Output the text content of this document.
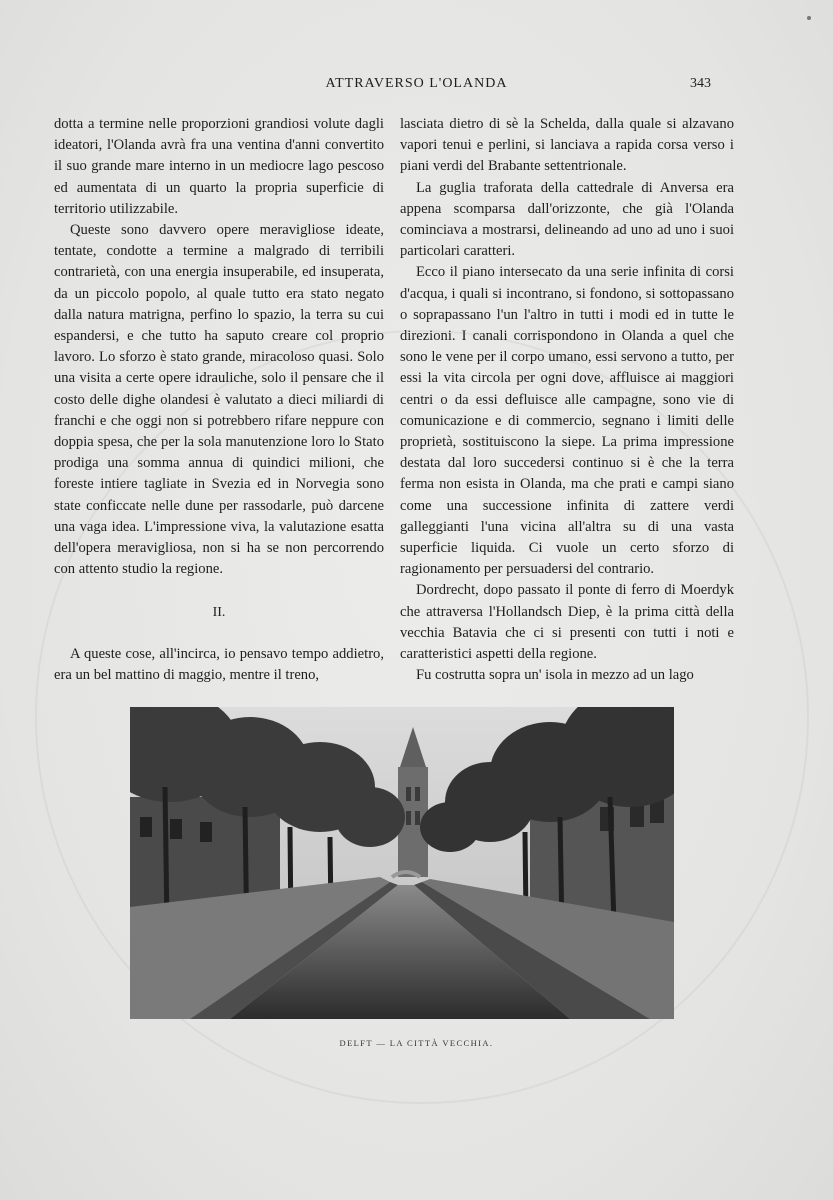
ATTRAVERSO L'OLANDA	343

dotta a termine nelle proporzioni grandiosi volute dagli ideatori, l'Olanda avrà fra una ventina d'anni convertito il suo grande mare interno in un mediocre lago pescoso ed aumentata di un quarto la propria superficie di territorio utilizzabile.

Queste sono davvero opere meravigliose ideate, tentate, condotte a termine a malgrado di terribili contrarietà, con una energia insuperabile, ed insuperata, da un piccolo popolo, al quale tutto era stato negato dalla natura matrigna, perfino lo spazio, la terra su cui espandersi, e che tutto ha saputo creare col proprio lavoro. Lo sforzo è stato grande, miracoloso quasi. Solo una visita a certe opere idrauliche, solo il pensare che il costo delle dighe olandesi è valutato a dieci miliardi di franchi e che oggi non si potrebbero rifare neppure con doppia spesa, che per la sola manutenzione loro lo Stato prodiga una somma annua di quindici milioni, che foreste intiere tagliate in Svezia ed in Norvegia sono state conficcate nelle dune per rassodarle, può darcene una vaga idea. L'impressione viva, la valutazione esatta dell'opera meravigliosa, non si ha se non percorrendo con attento studio la regione.

II.

A queste cose, all'incirca, io pensavo tempo addietro, era un bel mattino di maggio, mentre il treno,

lasciata dietro di sè la Schelda, dalla quale si alzavano vapori tenui e perlini, si lanciava a rapida corsa verso i piani verdi del Brabante settentrionale.

La guglia traforata della cattedrale di Anversa era appena scomparsa dall'orizzonte, che già l'Olanda cominciava a mostrarsi, delineando ad uno ad uno i suoi particolari caratteri.

Ecco il piano intersecato da una serie infinita di corsi d'acqua, i quali si incontrano, si fondono, si sottopassano o soprapassano l'un l'altro in tutti i modi ed in tutte le direzioni. I canali corrispondono in Olanda a quel che sono le vene per il corpo umano, essi servono a tutto, per essi la vita circola per ogni dove, affluisce ai maggiori centri o da essi defluisce alle campagne, sono vie di comunicazione e di commercio, segnano i limiti delle proprietà, sostituiscono la siepe. La prima impressione destata dal loro succedersi continuo si è che la terra ferma non esista in Olanda, ma che prati e campi siano come una successione infinita di zattere verdi galleggianti l'una vicina all'altra su di una vasta superficie liquida. Ci vuole un certo sforzo di ragionamento per persuadersi del contrario.

Dordrecht, dopo passato il ponte di ferro di Moerdyk che attraversa l'Hollandsch Diep, è la prima città della vecchia Batavia che ci si presenti con tutti i noti e caratteristici aspetti della regione.

Fu costrutta sopra un' isola in mezzo ad un lago

DELFT — LA CITTÀ VECCHIA.
